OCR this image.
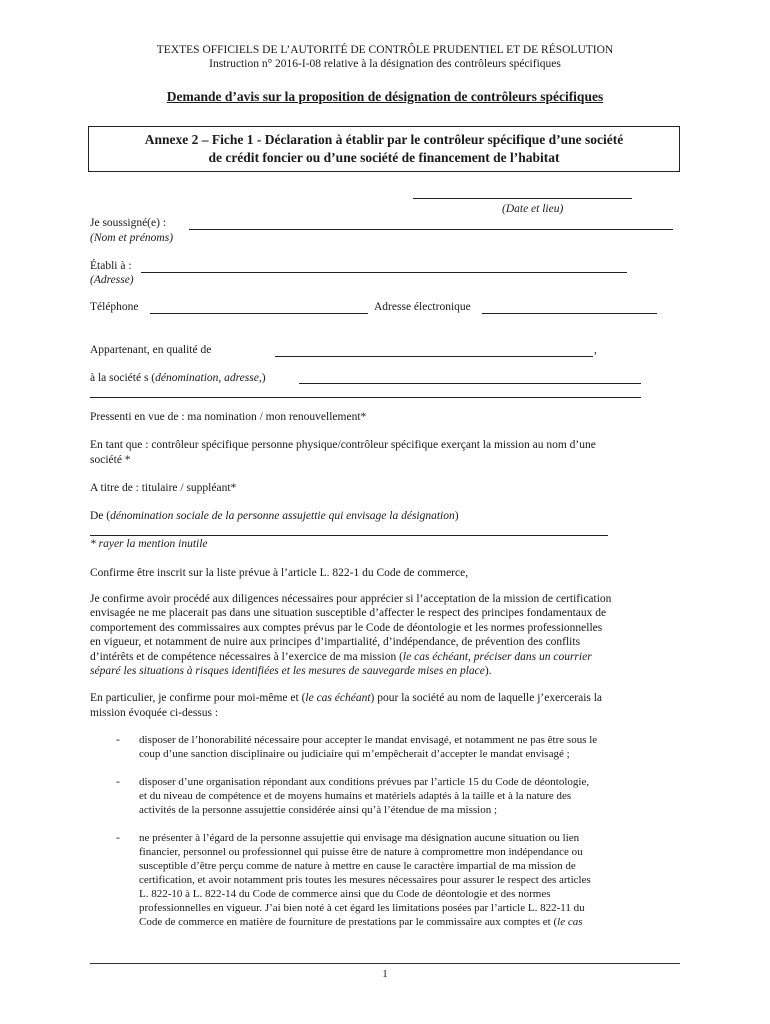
TEXTES OFFICIELS DE L’AUTORITÉ DE CONTRÔLE PRUDENTIEL ET DE RÉSOLUTION
Instruction n° 2016-I-08 relative à la désignation des contrôleurs spécifiques
Demande d’avis sur la proposition de désignation de contrôleurs spécifiques
Annexe 2 – Fiche 1 - Déclaration à établir par le contrôleur spécifique d’une société
de crédit foncier ou d’une société de financement de l’habitat
(Date et lieu)
Je soussigné(e) :
(Nom et prénoms)
Établi à :
(Adresse)
Téléphone	Adresse électronique
Appartenant, en qualité de	,
à la société s (dénomination, adresse,)
Pressenti en vue de : ma nomination / mon renouvellement*
En tant que : contrôleur spécifique personne physique/contrôleur spécifique exerçant la mission au nom d’une
société *
A titre de : titulaire / suppléant*
De (dénomination sociale de la personne assujettie qui envisage la désignation)
* rayer la mention inutile
Confirme être inscrit sur la liste prévue à l’article L. 822-1 du Code de commerce,
Je confirme avoir procédé aux diligences nécessaires pour apprécier si l’acceptation de la mission de certification
envisagée ne me placerait pas dans une situation susceptible d’affecter le respect des principes fondamentaux de
comportement des commissaires aux comptes prévus par le Code de déontologie et les normes professionnelles
en vigueur, et notamment de nuire aux principes d’impartialité, d’indépendance, de prévention des conflits
d’intérêts et de compétence nécessaires à l’exercice de ma mission (le cas échéant, préciser dans un courrier
séparé les situations à risques identifiées et les mesures de sauvegarde mises en place).
En particulier, je confirme pour moi-même et (le cas échéant) pour la société au nom de laquelle j’exercerais la
mission évoquée ci-dessus :
- disposer de l’honorabilité nécessaire pour accepter le mandat envisagé, et notamment ne pas être sous le
coup d’une sanction disciplinaire ou judiciaire qui m’empêcherait d’accepter le mandat envisagé ;
- disposer d’une organisation répondant aux conditions prévues par l’article 15 du Code de déontologie,
et du niveau de compétence et de moyens humains et matériels adaptés à la taille et à la nature des
activités de la personne assujettie considérée ainsi qu’à l’étendue de ma mission ;
- ne présenter à l’égard de la personne assujettie qui envisage ma désignation aucune situation ou lien
financier, personnel ou professionnel qui puisse être de nature à compromettre mon indépendance ou
susceptible d’être perçu comme de nature à mettre en cause le caractère impartial de ma mission de
certification, et avoir notamment pris toutes les mesures nécessaires pour assurer le respect des articles
L. 822-10 à L. 822-14 du Code de commerce ainsi que du Code de déontologie et des normes
professionnelles en vigueur. J’ai bien noté à cet égard les limitations posées par l’article L. 822-11 du
Code de commerce en matière de fourniture de prestations par le commissaire aux comptes et (le cas
1
